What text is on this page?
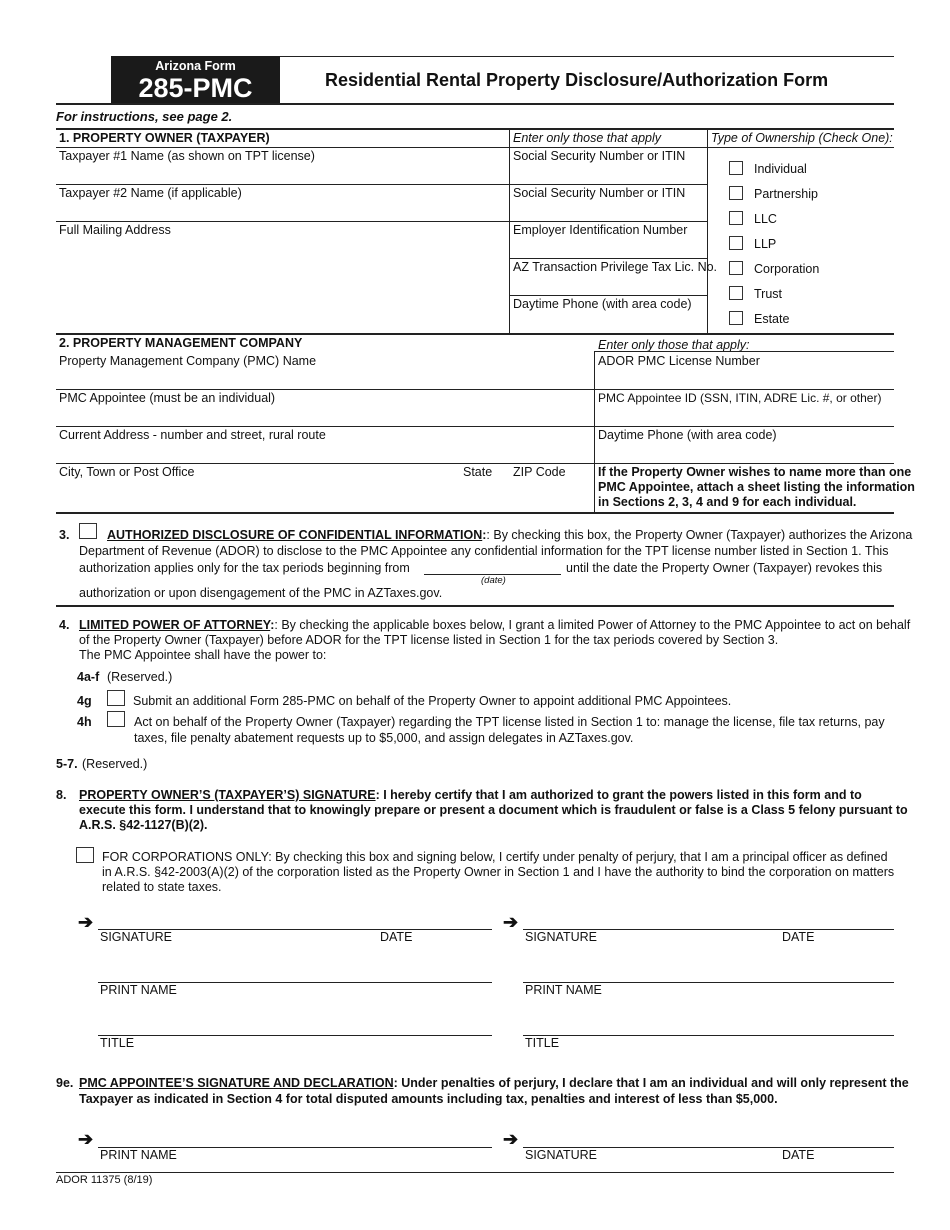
Arizona Form
285-PMC	Residential Rental Property Disclosure/Authorization Form
For instructions, see page 2.
1. PROPERTY OWNER (TAXPAYER)	Enter only those that apply	Type of Ownership (Check One):
Taxpayer #1 Name (as shown on TPT license)	Social Security Number or ITIN
Taxpayer #2 Name (if applicable)	Social Security Number or ITIN
Full Mailing Address	Employer Identification Number
AZ Transaction Privilege Tax Lic. No.
Daytime Phone (with area code)
Individual
Partnership
LLC
LLP
Corporation
Trust
Estate
2. PROPERTY MANAGEMENT COMPANY	Enter only those that apply:
Property Management Company (PMC) Name	ADOR PMC License Number
PMC Appointee (must be an individual)	PMC Appointee ID (SSN, ITIN, ADRE Lic. #, or other)
Current Address - number and street, rural route	Daytime Phone (with area code)
City, Town or Post Office	State ZIP Code	If the Property Owner wishes to name more than one
PMC Appointee, attach a sheet listing the information
in Sections 2, 3, 4 and 9 for each individual.
3.	AUTHORIZED DISCLOSURE OF CONFIDENTIAL INFORMATION:: By checking this box, the Property Owner (Taxpayer) authorizes the Arizona
Department of Revenue (ADOR) to disclose to the PMC Appointee any confidential information for the TPT license number listed in Section 1. This
authorization applies only for the tax periods beginning from
(date)
until the date the Property Owner (Taxpayer) revokes this
authorization or upon disengagement of the PMC in AZTaxes.gov.
4. LIMITED POWER OF ATTORNEY:: By checking the applicable boxes below, I grant a limited Power of Attorney to the PMC Appointee to act on behalf
of the Property Owner (Taxpayer) before ADOR for the TPT license listed in Section 1 for the tax periods covered by Section 3.
The PMC Appointee shall have the power to:
4a-f (Reserved.)
4g	Submit an additional Form 285-PMC on behalf of the Property Owner to appoint additional PMC Appointees.
4h	Act on behalf of the Property Owner (Taxpayer) regarding the TPT license listed in Section 1 to: manage the license, file tax returns, pay
taxes, file penalty abatement requests up to $5,000, and assign delegates in AZTaxes.gov.
5-7. (Reserved.)
8. PROPERTY OWNER’S (TAXPAYER’S) SIGNATURE: I hereby certify that I am authorized to grant the powers listed in this form and to
execute this form. I understand that to knowingly prepare or present a document which is fraudulent or false is a Class 5 felony pursuant to
A.R.S. §42-1127(B)(2).
FOR CORPORATIONS ONLY: By checking this box and signing below, I certify under penalty of perjury, that I am a principal officer as defined
in A.R.S. §42-2003(A)(2) of the corporation listed as the Property Owner in Section 1 and I have the authority to bind the corporation on matters
related to state taxes.
➔
SIGNATURE	DATE
PRINT NAME
TITLE
➔
SIGNATURE	DATE
PRINT NAME
TITLE
9e. PMC APPOINTEE’S SIGNATURE AND DECLARATION: Under penalties of perjury, I declare that I am an individual and will only represent the
Taxpayer as indicated in Section 4 for total disputed amounts including tax, penalties and interest of less than $5,000.
➔
PRINT NAME
➔
SIGNATURE	DATE
ADOR 11375 (8/19)
